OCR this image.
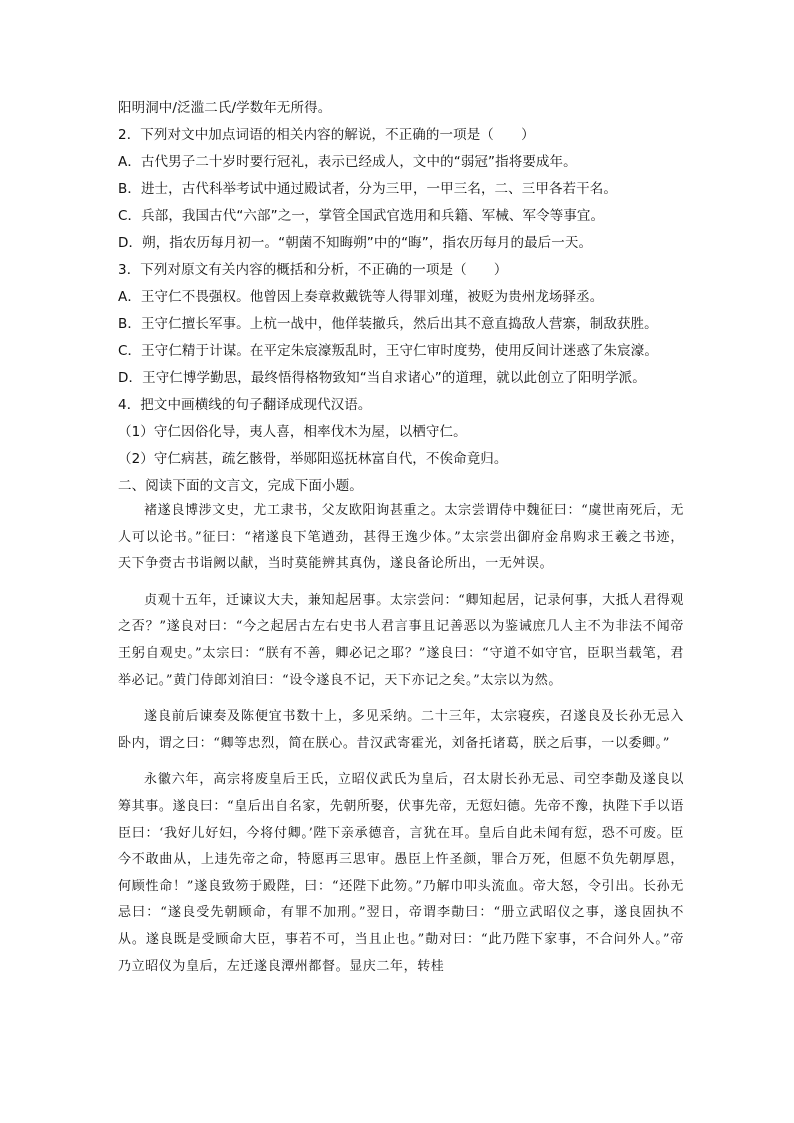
阳明洞中/泛滥二氏/学数年无所得。
2．下列对文中加点词语的相关内容的解说，不正确的一项是（　　）
A．古代男子二十岁时要行冠礼，表示已经成人，文中的“弱冠”指将要成年。
B．进士，古代科举考试中通过殿试者，分为三甲，一甲三名，二、三甲各若干名。
C．兵部，我国古代“六部”之一，掌管全国武官选用和兵籍、军械、军令等事宜。
D．朔，指农历每月初一。“朝菌不知晦朔”中的“晦”，指农历每月的最后一天。
3．下列对原文有关内容的概括和分析，不正确的一项是（　　）
A．王守仁不畏强权。他曾因上奏章救戴铣等人得罪刘瑾，被贬为贵州龙场驿丞。
B．王守仁擅长军事。上杭一战中，他佯装撤兵，然后出其不意直捣敌人营寨，制敌获胜。
C．王守仁精于计谋。在平定朱宸濠叛乱时，王守仁审时度势，使用反间计迷惑了朱宸濠。
D．王守仁博学勤思，最终悟得格物致知“当自求诸心”的道理，就以此创立了阳明学派。
4．把文中画横线的句子翻译成现代汉语。
（1）守仁因俗化导，夷人喜，相率伐木为屋，以栖守仁。
（2）守仁病甚，疏乞骸骨，举郧阳巡抚林富自代，不俟命竟归。
二、阅读下面的文言文，完成下面小题。

褚遂良博涉文史，尤工隶书，父友欧阳询甚重之。太宗尝谓侍中魏征曰：“虞世南死后，无人可以论书。”征曰：“褚遂良下笔遒劲，甚得王逸少体。”太宗尝出御府金帛购求王羲之书迹，天下争赍古书诣阙以献，当时莫能辨其真伪，遂良备论所出，一无舛误。

贞观十五年，迁谏议大夫，兼知起居事。太宗尝问：“卿知起居，记录何事，大抵人君得观之否？”遂良对曰：“今之起居古左右史书人君言事且记善恶以为鉴诫庶几人主不为非法不闻帝王躬自观史。”太宗曰：“朕有不善，卿必记之耶？”遂良曰：“守道不如守官，臣职当载笔，君举必记。”黄门侍郎刘洎曰：“设令遂良不记，天下亦记之矣。”太宗以为然。

遂良前后谏奏及陈便宜书数十上，多见采纳。二十三年，太宗寝疾，召遂良及长孙无忌入卧内，谓之曰：“卿等忠烈，简在朕心。昔汉武寄霍光，刘备托诸葛，朕之后事，一以委卿。”

永徽六年，高宗将废皇后王氏，立昭仪武氏为皇后，召太尉长孙无忌、司空李勣及遂良以筹其事。遂良曰：“皇后出自名家，先朝所娶，伏事先帝，无愆妇德。先帝不豫，执陛下手以语臣曰：‘我好儿好妇，今将付卿。’陛下亲承德音，言犹在耳。皇后自此未闻有愆，恐不可废。臣今不敢曲从，上违先帝之命，特愿再三思审。愚臣上忤圣颜，罪合万死，但愿不负先朝厚恩，何顾性命！”遂良致笏于殿陛，曰：“还陛下此笏。”乃解巾叩头流血。帝大怒，令引出。长孙无忌曰：“遂良受先朝顾命，有罪不加刑。”翌日，帝谓李勣曰：“册立武昭仪之事，遂良固执不从。遂良既是受顾命大臣，事若不可，当且止也。”勣对曰：“此乃陛下家事，不合问外人。”帝乃立昭仪为皇后，左迁遂良潭州都督。显庆二年，转桂
